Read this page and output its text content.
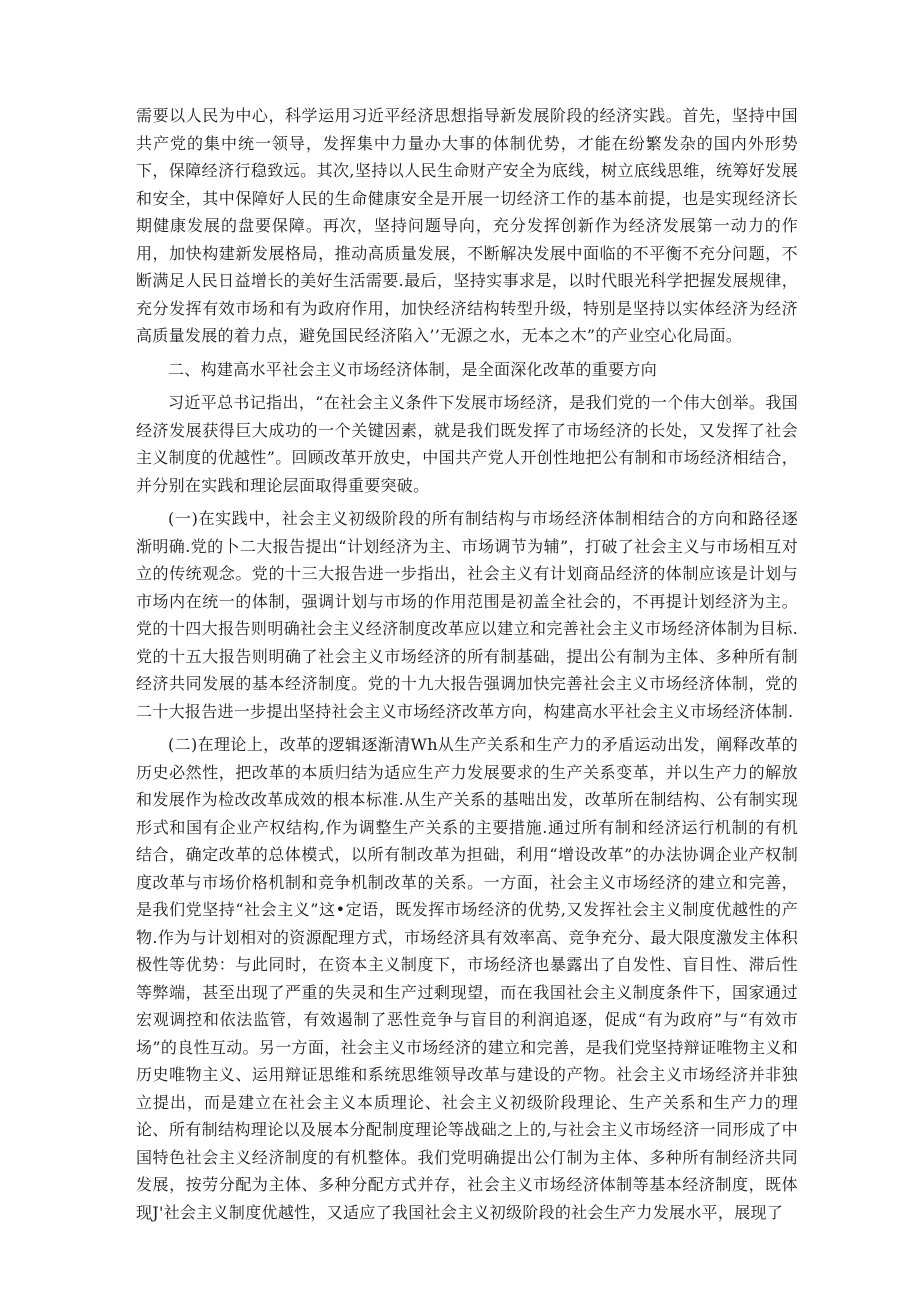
需要以人民为中心，科学运用习近平经济思想指导新发展阶段的经济实践。首先，坚持中国共产党的集中统一领导，发挥集中力量办大事的体制优势，才能在纷繁发杂的国内外形势下，保障经济行稳致远。其次,坚持以人民生命财产安全为底线，树立底线思维，统筹好发展和安全，其中保障好人民的生命健康安全是开展一切经济工作的基本前提，也是实现经济长期健康发展的盘要保障。再次，坚持问题导向，充分发挥创新作为经济发展第一动力的作用，加快构建新发展格局，推动高质量发展，不断解决发展中面临的不平衡不充分问题，不断满足人民日益增长的美好生活需要.最后，坚持实事求是，以时代眼光科学把握发展规律，充分发挥有效市场和有为政府作用，加快经济结构转型升级，特别是坚持以实体经济为经济高质量发展的着力点，避免国民经济陷入’’无源之水，无本之木”的产业空心化局面。

二、构建高水平社会主义市场经济体制，是全面深化改革的重要方向

习近平总书记指出，“在社会主义条件下发展市场经济，是我们党的一个伟大创举。我国经济发展获得巨大成功的一个关键因素，就是我们既发挥了市场经济的长处，又发挥了社会主义制度的优越性”。回顾改革开放史，中国共产党人开创性地把公有制和市场经济相结合，并分别在实践和理论层面取得重要突破。

(一)在实践中，社会主义初级阶段的所有制结构与市场经济体制相结合的方向和路径逐渐明确.党的卜二大报告提出“计划经济为主、市场调节为辅”，打破了社会主义与市场相互对立的传统观念。党的十三大报告进一步指出，社会主义有计划商品经济的体制应该是计划与市场内在统一的体制，强调计划与市场的作用范围是初盖全社会的，不再提计划经济为主。党的十四大报告则明确社会主义经济制度改革应以建立和完善社会主义市场经济体制为目标.党的十五大报告则明确了社会主义市场经济的所有制基础，提出公有制为主体、多种所有制经济共同发展的基本经济制度。党的十九大报告强调加快完善社会主义市场经济体制，党的二十大报告进一步提出坚持社会主义市场经济改革方向，构建高水平社会主义市场经济体制.

(二)在理论上，改革的逻辑逐渐清Wh从生产关系和生产力的矛盾运动出发，阐释改革的历史必然性，把改革的本质归结为适应生产力发展要求的生产关系变革，并以生产力的解放和发展作为检改改革成效的根本标准.从生产关系的基咄出发，改革所在制结构、公有制实现形式和国有企业产权结构,作为调整生产关系的主要措施.通过所有制和经济运行机制的有机结合，确定改革的总体模式，以所有制改革为担础，利用“增设改革”的办法协调企业产权制度改革与市场价格机制和竞争机制改革的关系。一方面，社会主义市场经济的建立和完善，是我们党坚持“社会主义”这•定语，既发挥市场经济的优势,又发挥社会主义制度优越性的产物.作为与计划相对的资源配理方式，市场经济具有效率高、竞争充分、最大限度激发主体积极性等优势：与此同时，在资本主义制度下，市场经济也暴露出了自发性、盲目性、滞后性等弊端，甚至出现了严重的失灵和生产过剩现望，而在我国社会主义制度条件下，国家通过宏观调控和依法监管，有效遏制了恶性竞争与盲目的利润追逐，促成“有为政府”与“有效市场”的良性互动。另一方面，社会主义市场经济的建立和完善，是我们党坚持辩证唯物主义和历史唯物主义、运用辩证思维和系统思维领导改革与建设的产物。社会主义市场经济并非独立提出，而是建立在社会主义本质理论、社会主义初级阶段理论、生产关系和生产力的理论、所有制结构理论以及展本分配制度理论等战础之上的,与社会主义市场经济一同形成了中国特色社会主义经济制度的有机整体。我们党明确提出公仃制为主体、多种所有制经济共同发展，按劳分配为主体、多种分配方式并存，社会主义市场经济体制等基本经济制度，既体现J'社会主义制度优越性，又适应了我国社会主义初级阶段的社会生产力发展水平，展现了
